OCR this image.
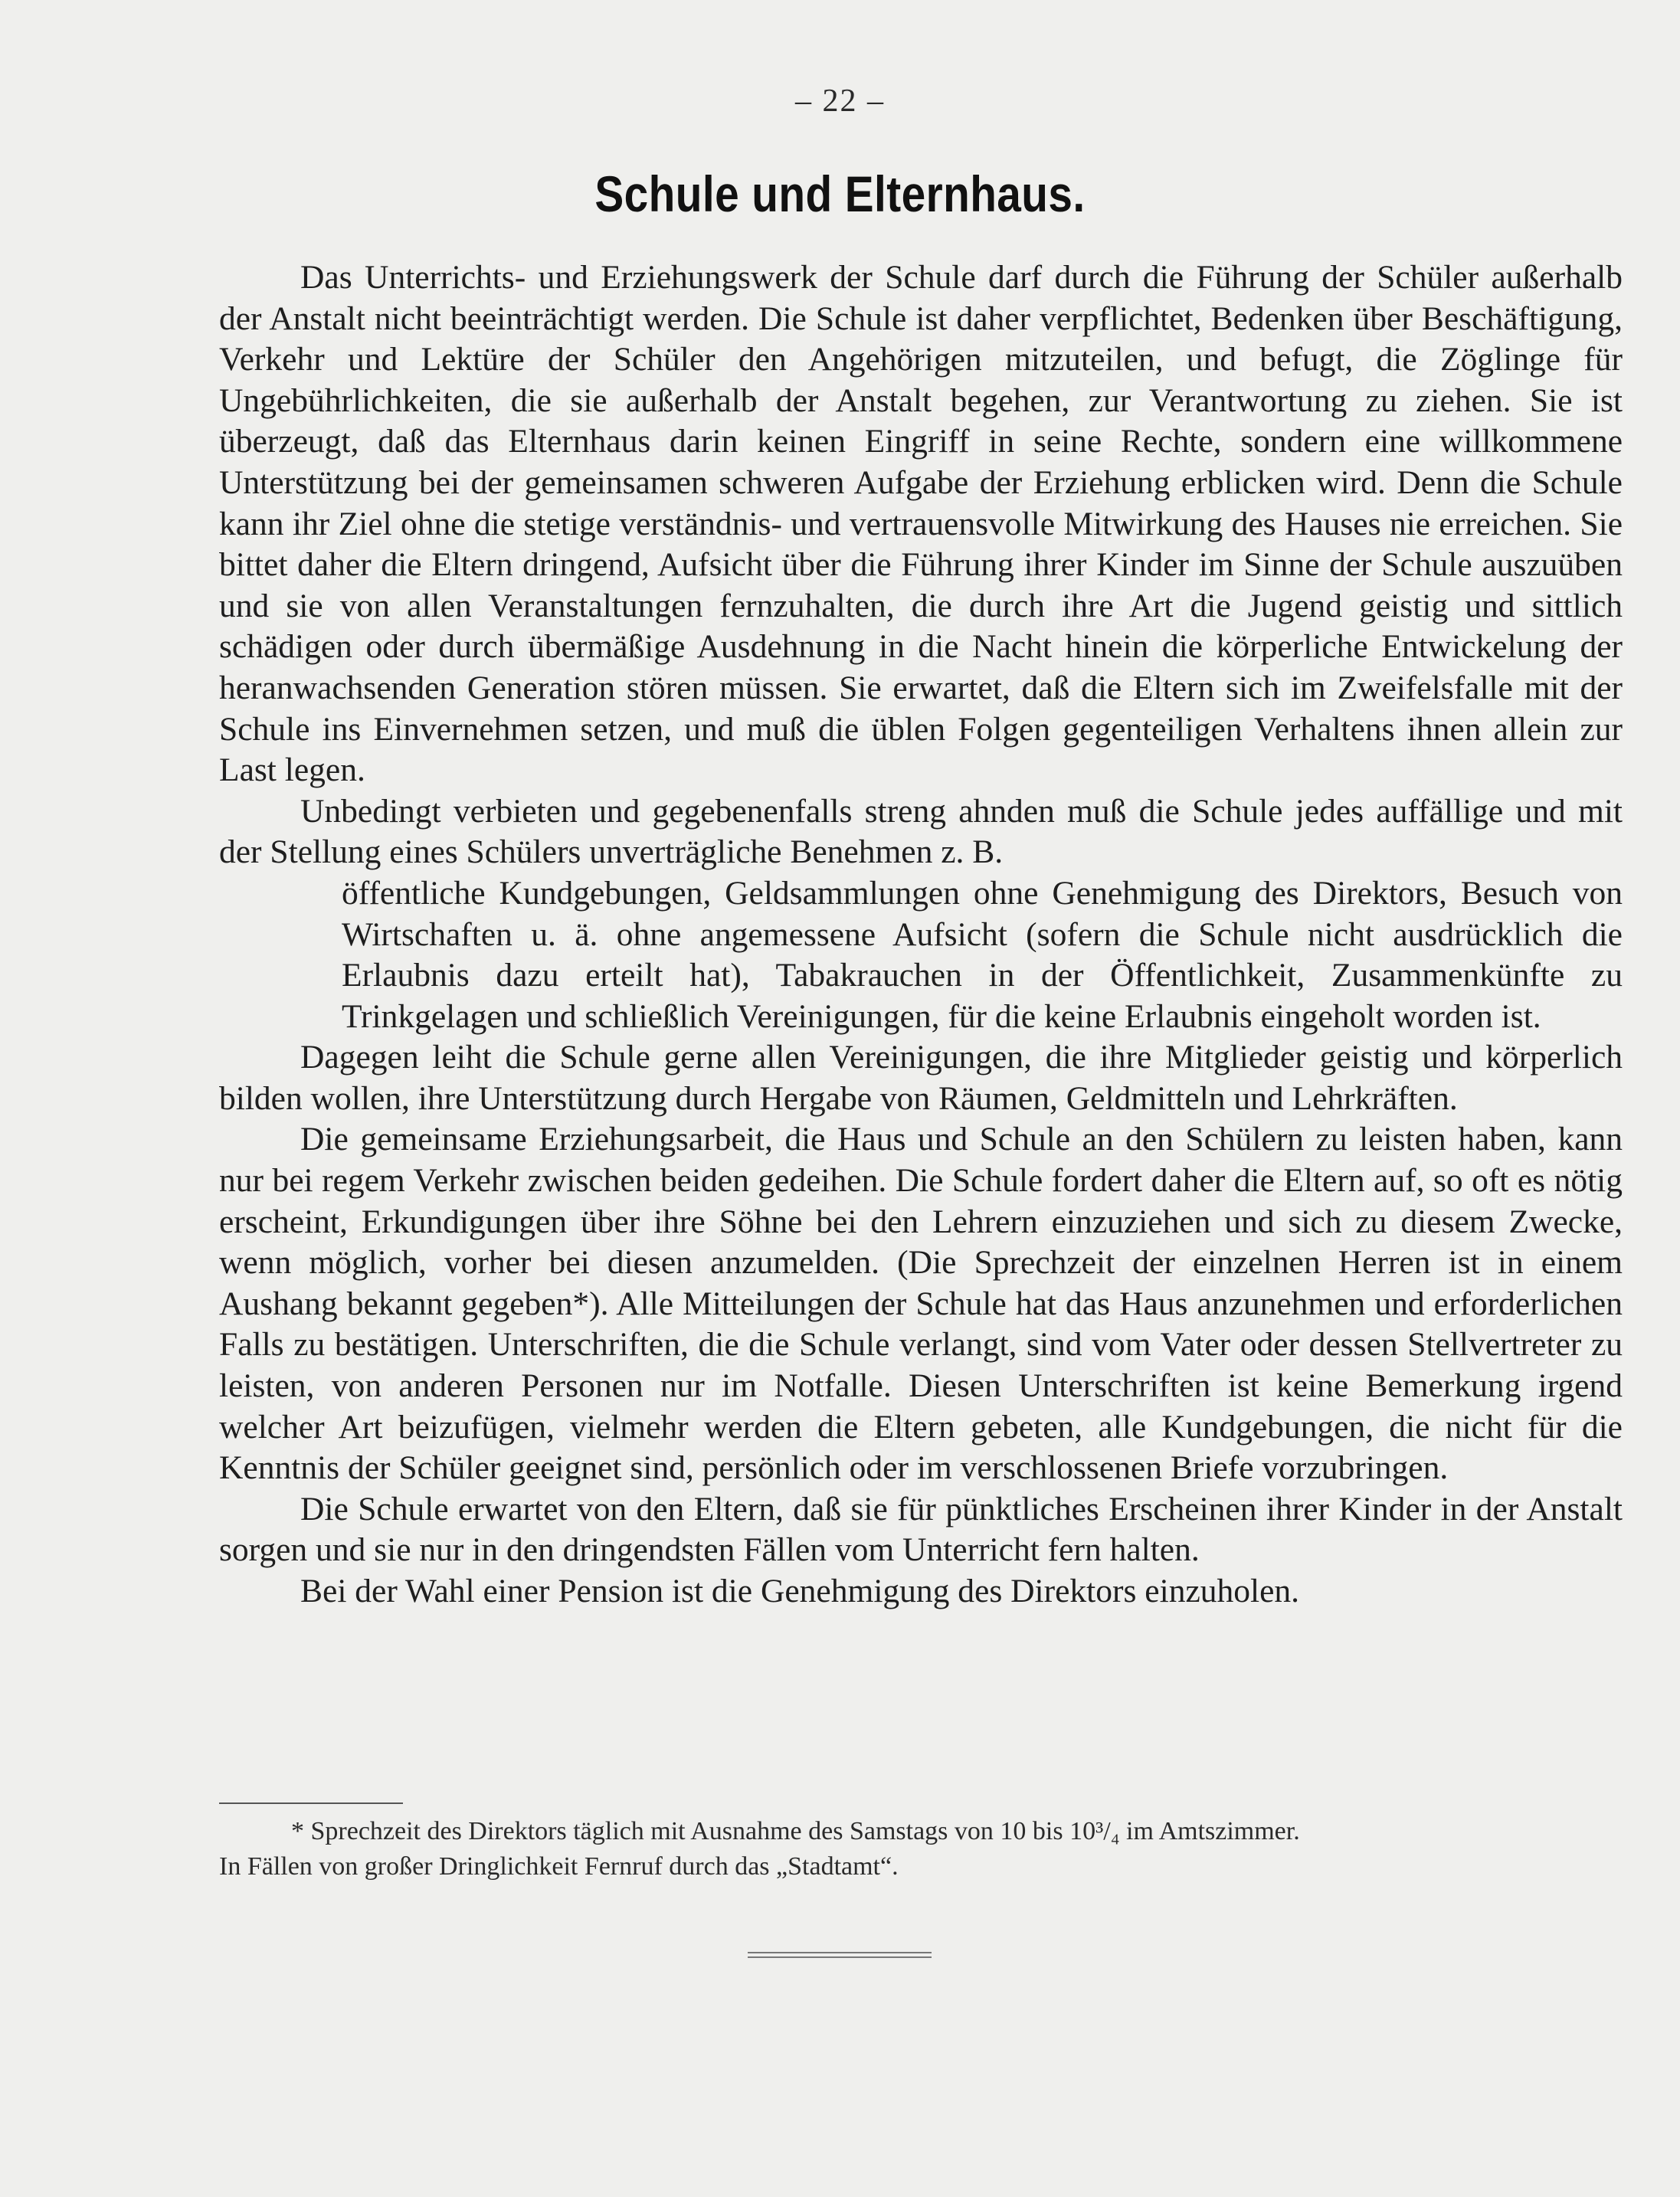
– 22 –
Schule und Elternhaus.

Das Unterrichts- und Erziehungswerk der Schule darf durch die Führung der Schüler außerhalb der Anstalt nicht beeinträchtigt werden. Die Schule ist daher verpflichtet, Bedenken über Beschäftigung, Verkehr und Lektüre der Schüler den Angehörigen mitzuteilen, und befugt, die Zöglinge für Ungebührlichkeiten, die sie außerhalb der Anstalt begehen, zur Verantwortung zu ziehen. Sie ist überzeugt, daß das Elternhaus darin keinen Eingriff in seine Rechte, sondern eine willkommene Unterstützung bei der gemeinsamen schweren Aufgabe der Erziehung erblicken wird. Denn die Schule kann ihr Ziel ohne die stetige verständnis- und vertrauensvolle Mitwirkung des Hauses nie erreichen. Sie bittet daher die Eltern dringend, Aufsicht über die Führung ihrer Kinder im Sinne der Schule auszuüben und sie von allen Veranstaltungen fernzuhalten, die durch ihre Art die Jugend geistig und sittlich schädigen oder durch übermäßige Ausdehnung in die Nacht hinein die körperliche Entwickelung der heranwachsenden Generation stören müssen. Sie erwartet, daß die Eltern sich im Zweifelsfalle mit der Schule ins Einvernehmen setzen, und muß die üblen Folgen gegenteiligen Verhaltens ihnen allein zur Last legen.

Unbedingt verbieten und gegebenenfalls streng ahnden muß die Schule jedes auffällige und mit der Stellung eines Schülers unverträgliche Benehmen z. B.

öffentliche Kundgebungen, Geldsammlungen ohne Genehmigung des Direktors, Besuch von Wirtschaften u. ä. ohne angemessene Aufsicht (sofern die Schule nicht ausdrücklich die Erlaubnis dazu erteilt hat), Tabakrauchen in der Öffentlichkeit, Zusammenkünfte zu Trinkgelagen und schließlich Vereinigungen, für die keine Erlaubnis eingeholt worden ist.

Dagegen leiht die Schule gerne allen Vereinigungen, die ihre Mitglieder geistig und körperlich bilden wollen, ihre Unterstützung durch Hergabe von Räumen, Geldmitteln und Lehrkräften.

Die gemeinsame Erziehungsarbeit, die Haus und Schule an den Schülern zu leisten haben, kann nur bei regem Verkehr zwischen beiden gedeihen. Die Schule fordert daher die Eltern auf, so oft es nötig erscheint, Erkundigungen über ihre Söhne bei den Lehrern einzuziehen und sich zu diesem Zwecke, wenn möglich, vorher bei diesen anzumelden. (Die Sprechzeit der einzelnen Herren ist in einem Aushang bekannt gegeben*). Alle Mitteilungen der Schule hat das Haus anzunehmen und erforderlichen Falls zu bestätigen. Unterschriften, die die Schule verlangt, sind vom Vater oder dessen Stellvertreter zu leisten, von anderen Personen nur im Notfalle. Diesen Unterschriften ist keine Bemerkung irgend welcher Art beizufügen, vielmehr werden die Eltern gebeten, alle Kundgebungen, die nicht für die Kenntnis der Schüler geeignet sind, persönlich oder im verschlossenen Briefe vorzubringen.

Die Schule erwartet von den Eltern, daß sie für pünktliches Erscheinen ihrer Kinder in der Anstalt sorgen und sie nur in den dringendsten Fällen vom Unterricht fern halten.

Bei der Wahl einer Pension ist die Genehmigung des Direktors einzuholen.

* Sprechzeit des Direktors täglich mit Ausnahme des Samstags von 10 bis 10³/₄ im Amtszimmer.

In Fällen von großer Dringlichkeit Fernruf durch das „Stadtamt“.
